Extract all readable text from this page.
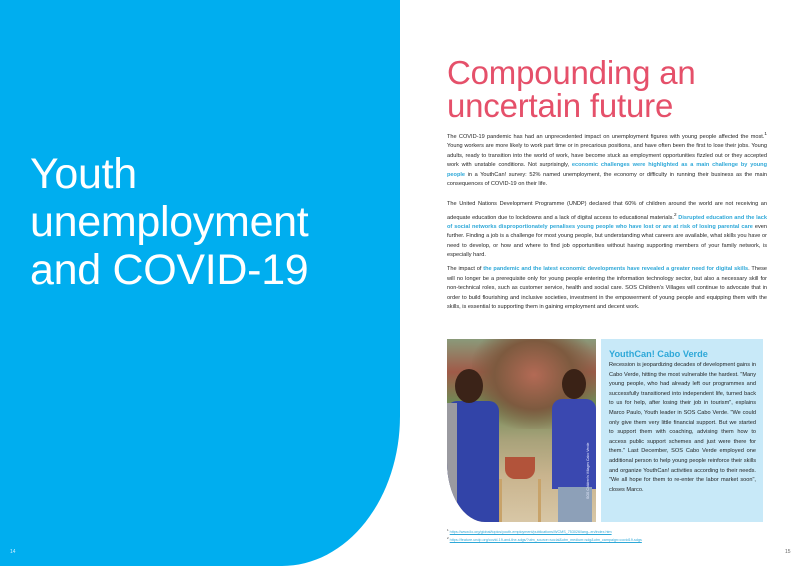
Youth
unemployment
and COVID-19
14
Compounding an
uncertain future

The COVID-19 pandemic has had an unprecedented impact on unemployment figures with young people affected the most.$^1$ Young workers are more likely to work part time or in precarious positions, and have often been the first to lose their jobs. Young adults, ready to transition into the world of work, have become stuck as employment opportunities fizzled out or they accepted work with unstable conditions. Not surprisingly, economic challenges were highlighted as a main challenge by young people in a YouthCan! survey: 52% named unemployment, the economy or difficulty in running their business as the main consequences of COVID-19 on their life.

The United Nations Development Programme (UNDP) declared that 60% of children around the world are not receiving an adequate education due to lockdowns and a lack of digital access to educational materials.$^2$ Disrupted education and the lack of social networks disproportionately penalises young people who have lost or are at risk of losing parental care even further. Finding a job is a challenge for most young people, but understanding what careers are available, what skills you have or need to develop, or how and where to find job opportunities without having supporting members of your family network, is especially hard.

The impact of the pandemic and the latest economic developments have revealed a greater need for digital skills. These will no longer be a prerequisite only for young people entering the information technology sector, but also a necessary skill for non-technical roles, such as customer service, health and social care. SOS Children's Villages will continue to advocate that in order to build flourishing and inclusive societies, investment in the empowerment of young people and equipping them with the skills, is essential to supporting them in gaining employment and decent work.

SOS Children's Villages Cabo Verde
YouthCan! Cabo Verde

Recession is jeopardizing decades of development gains in Cabo Verde, hitting the most vulnerable the hardest. "Many young people, who had already left our programmes and successfully transitioned into independent life, turned back to us for help, after losing their job in tourism", explains Marco Paulo, Youth leader in SOS Cabo Verde. "We could only give them very little financial support. But we started to support them with coaching, advising them how to access public support schemes and just were there for them." Last December, SOS Cabo Verde employed one additional person to help young people reinforce their skills and organize YouthCan! activities according to their needs. "We all hope for them to re-enter the labor market soon", closes Marco.

$^1$https://www.ilo.org/global/topics/youth-employment/publications/WCMS_753026/lang--en/index.htm
$^2$https://feature.undp.org/covid-19-and-the-sdgs/?utm_source=social&utm_medium=sdg&utm_campaign=covid19-sdgs
15
